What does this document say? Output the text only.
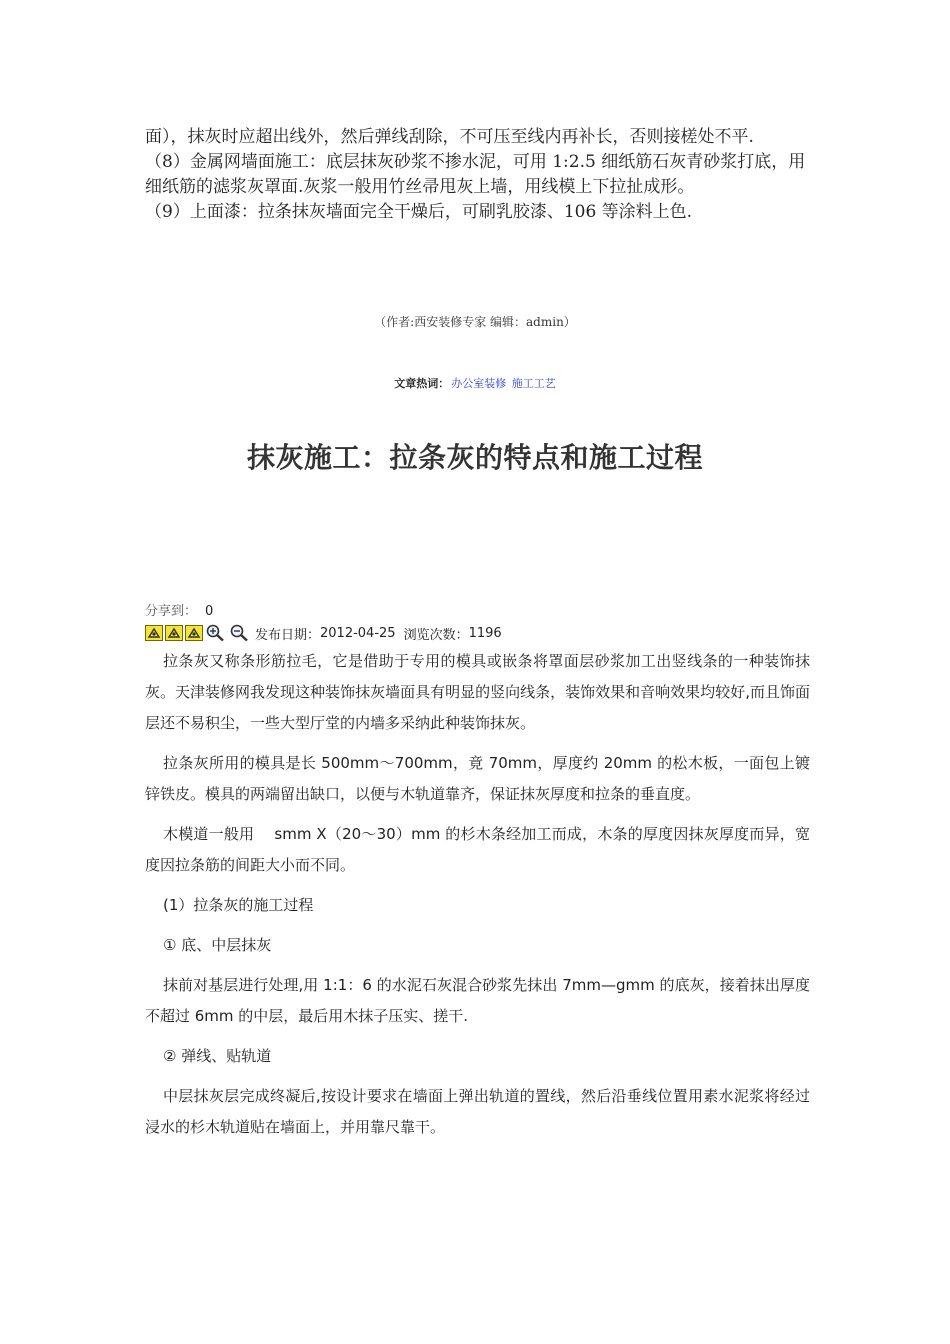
面），抹灰时应超出线外，然后弹线刮除，不可压至线内再补长，否则接槎处不平.

（8）金属网墙面施工：底层抹灰砂浆不掺水泥，可用 1:2.5 细纸筋石灰青砂浆打底，用细纸筋的滤浆灰罩面.灰浆一般用竹丝帚甩灰上墙，用线模上下拉扯成形。

（9）上面漆：拉条抹灰墙面完全干燥后，可刷乳胶漆、106 等涂料上色.

（作者:西安装修专家 编辑：admin）
文章热词： 办公室装修 施工工艺
抹灰施工：拉条灰的特点和施工过程
分享到： 0
发布日期： 2012-04-25 浏览次数： 1196

拉条灰又称条形筋拉毛，它是借助于专用的模具或嵌条将罩面层砂浆加工出竖线条的一种装饰抹灰。天津装修网我发现这种装饰抹灰墙面具有明显的竖向线条，装饰效果和音响效果均较好,而且饰面层还不易积尘，一些大型厅堂的内墙多采纳此种装饰抹灰。

拉条灰所用的模具是长 500mm～700mm，竟 70mm，厚度约 20mm 的松木板，一面包上镀锌铁皮。模具的两端留出缺口，以便与木轨道靠齐，保证抹灰厚度和拉条的垂直度。

木模道一般用　 smm X（20～30）mm 的杉木条经加工而成，木条的厚度因抹灰厚度而异，宽度因拉条筋的间距大小而不同。

(1）拉条灰的施工过程

① 底、中层抹灰

抹前对基层进行处理,用 1:1：6 的水泥石灰混合砂浆先抹出 7mm—gmm 的底灰，接着抹出厚度不超过 6mm 的中层，最后用木抹子压实、搓干.

② 弹线、贴轨道

中层抹灰层完成终凝后,按设计要求在墙面上弹出轨道的置线，然后沿垂线位置用素水泥浆将经过浸水的杉木轨道贴在墙面上，并用靠尺靠干。
